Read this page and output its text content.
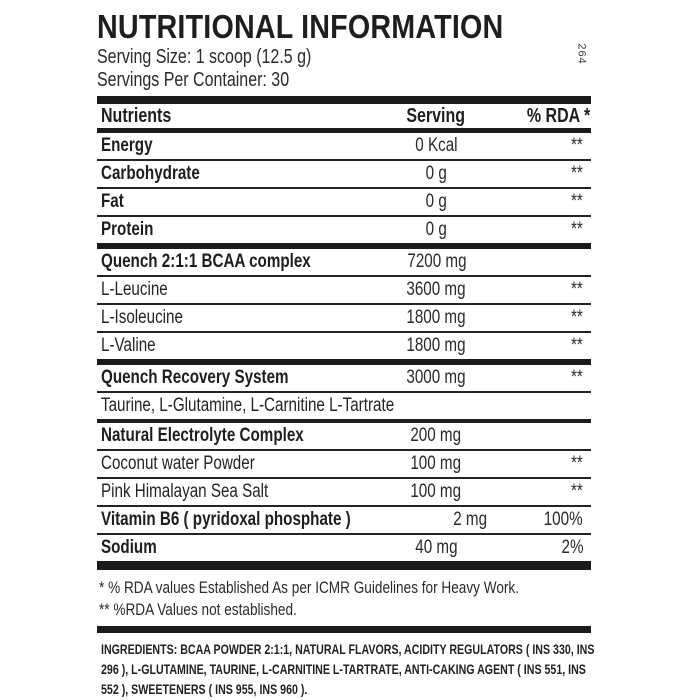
NUTRITIONAL INFORMATION
Serving Size: 1 scoop (12.5 g)
Servings Per Container: 30
264
Nutrients	Serving	% RDA *
Energy	0 Kcal	**
Carbohydrate	0 g	**
Fat	0 g	**
Protein	0 g	**
Quench 2:1:1 BCAA complex	7200 mg
L-Leucine	3600 mg	**
L-Isoleucine	1800 mg	**
L-Valine	1800 mg	**
Quench Recovery System	3000 mg	**
Taurine, L-Glutamine, L-Carnitine L-Tartrate
Natural Electrolyte Complex	200 mg
Coconut water Powder	100 mg	**
Pink Himalayan Sea Salt	100 mg	**
Vitamin B6 ( pyridoxal phosphate )	2 mg	100%
Sodium	40 mg	2%
* % RDA values Established As per ICMR Guidelines for Heavy Work.
** %RDA Values not established.
INGREDIENTS: BCAA POWDER 2:1:1, NATURAL FLAVORS, ACIDITY REGULATORS ( INS 330, INS 296 ), L-GLUTAMINE, TAURINE, L-CARNITINE L-TARTRATE, ANTI-CAKING AGENT ( INS 551, INS 552 ), SWEETENERS ( INS 955, INS 960 ).
